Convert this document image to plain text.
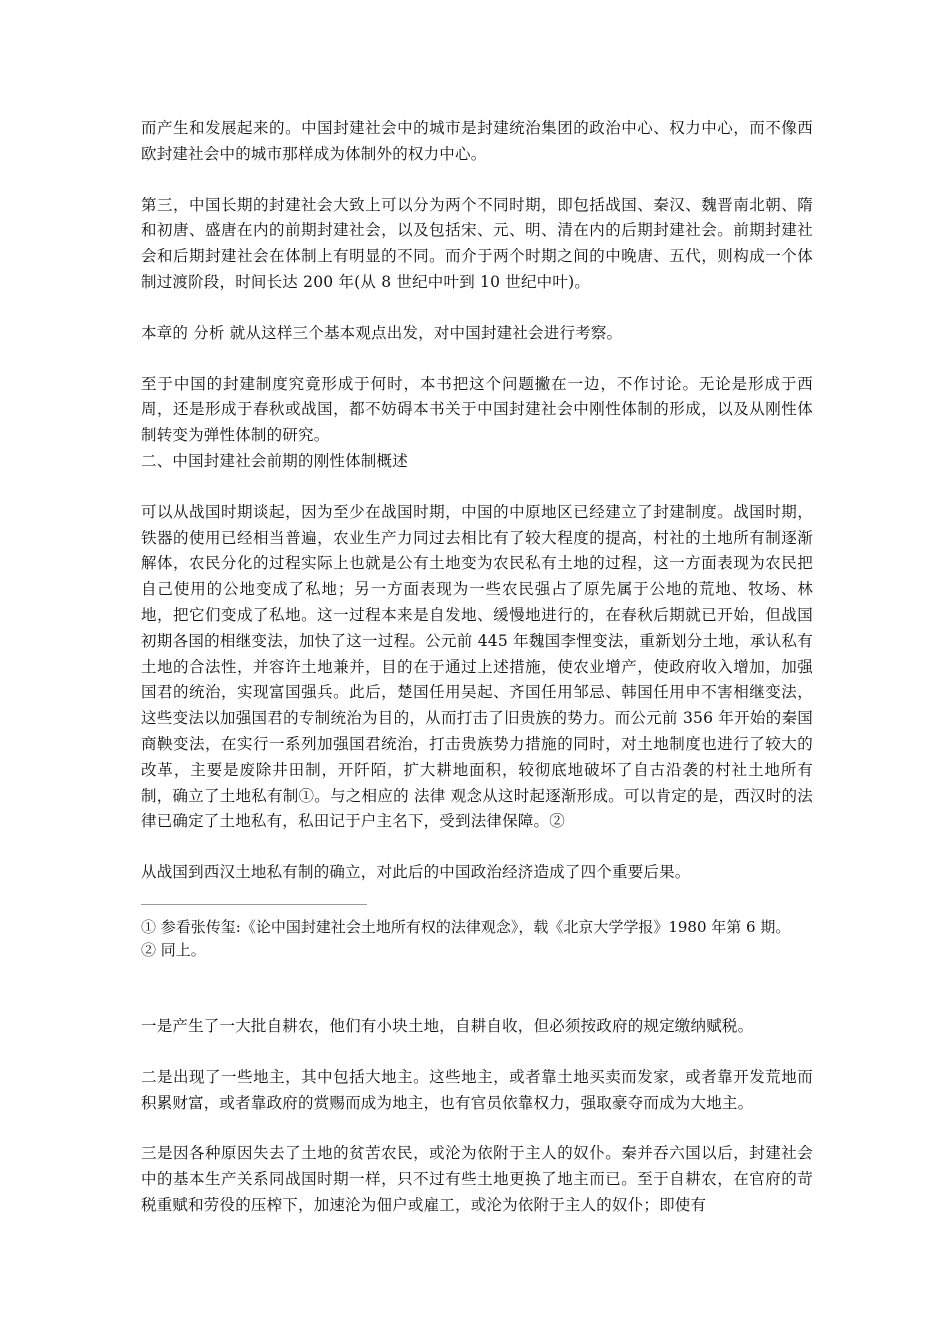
而产生和发展起来的。中国封建社会中的城市是封建统治集团的政治中心、权力中心，而不像西欧封建社会中的城市那样成为体制外的权力中心。

第三，中国长期的封建社会大致上可以分为两个不同时期，即包括战国、秦汉、魏晋南北朝、隋和初唐、盛唐在内的前期封建社会，以及包括宋、元、明、清在内的后期封建社会。前期封建社会和后期封建社会在体制上有明显的不同。而介于两个时期之间的中晚唐、五代，则构成一个体制过渡阶段，时间长达 200 年(从 8 世纪中叶到 10 世纪中叶)。

本章的 分析 就从这样三个基本观点出发，对中国封建社会进行考察。

至于中国的封建制度究竟形成于何时，本书把这个问题撇在一边，不作讨论。无论是形成于西周，还是形成于春秋或战国，都不妨碍本书关于中国封建社会中刚性体制的形成，以及从刚性体制转变为弹性体制的研究。

二、中国封建社会前期的刚性体制概述

可以从战国时期谈起，因为至少在战国时期，中国的中原地区已经建立了封建制度。战国时期，铁器的使用已经相当普遍，农业生产力同过去相比有了较大程度的提高，村社的土地所有制逐渐解体，农民分化的过程实际上也就是公有土地变为农民私有土地的过程，这一方面表现为农民把自己使用的公地变成了私地；另一方面表现为一些农民强占了原先属于公地的荒地、牧场、林地，把它们变成了私地。这一过程本来是自发地、缓慢地进行的，在春秋后期就已开始，但战国初期各国的相继变法，加快了这一过程。公元前 445 年魏国李悝变法，重新划分土地，承认私有土地的合法性，并容许土地兼并，目的在于通过上述措施，使农业增产，使政府收入增加，加强国君的统治，实现富国强兵。此后，楚国任用吴起、齐国任用邹忌、韩国任用申不害相继变法，这些变法以加强国君的专制统治为目的，从而打击了旧贵族的势力。而公元前 356 年开始的秦国商鞅变法，在实行一系列加强国君统治，打击贵族势力措施的同时，对土地制度也进行了较大的改革，主要是废除井田制，开阡陌，扩大耕地面积，较彻底地破坏了自古沿袭的村社土地所有制，确立了土地私有制①。与之相应的 法律 观念从这时起逐渐形成。可以肯定的是，西汉时的法律已确定了土地私有，私田记于户主名下，受到法律保障。②

从战国到西汉土地私有制的确立，对此后的中国政治经济造成了四个重要后果。

① 参看张传玺:《论中国封建社会土地所有权的法律观念》，载《北京大学学报》1980 年第 6 期。

② 同上。

一是产生了一大批自耕农，他们有小块土地，自耕自收，但必须按政府的规定缴纳赋税。

二是出现了一些地主，其中包括大地主。这些地主，或者靠土地买卖而发家，或者靠开发荒地而积累财富，或者靠政府的赏赐而成为地主，也有官员依靠权力，强取豪夺而成为大地主。

三是因各种原因失去了土地的贫苦农民，或沦为依附于主人的奴仆。秦并吞六国以后，封建社会中的基本生产关系同战国时期一样，只不过有些土地更换了地主而已。至于自耕农，在官府的苛税重赋和劳役的压榨下，加速沦为佃户或雇工，或沦为依附于主人的奴仆；即使有
